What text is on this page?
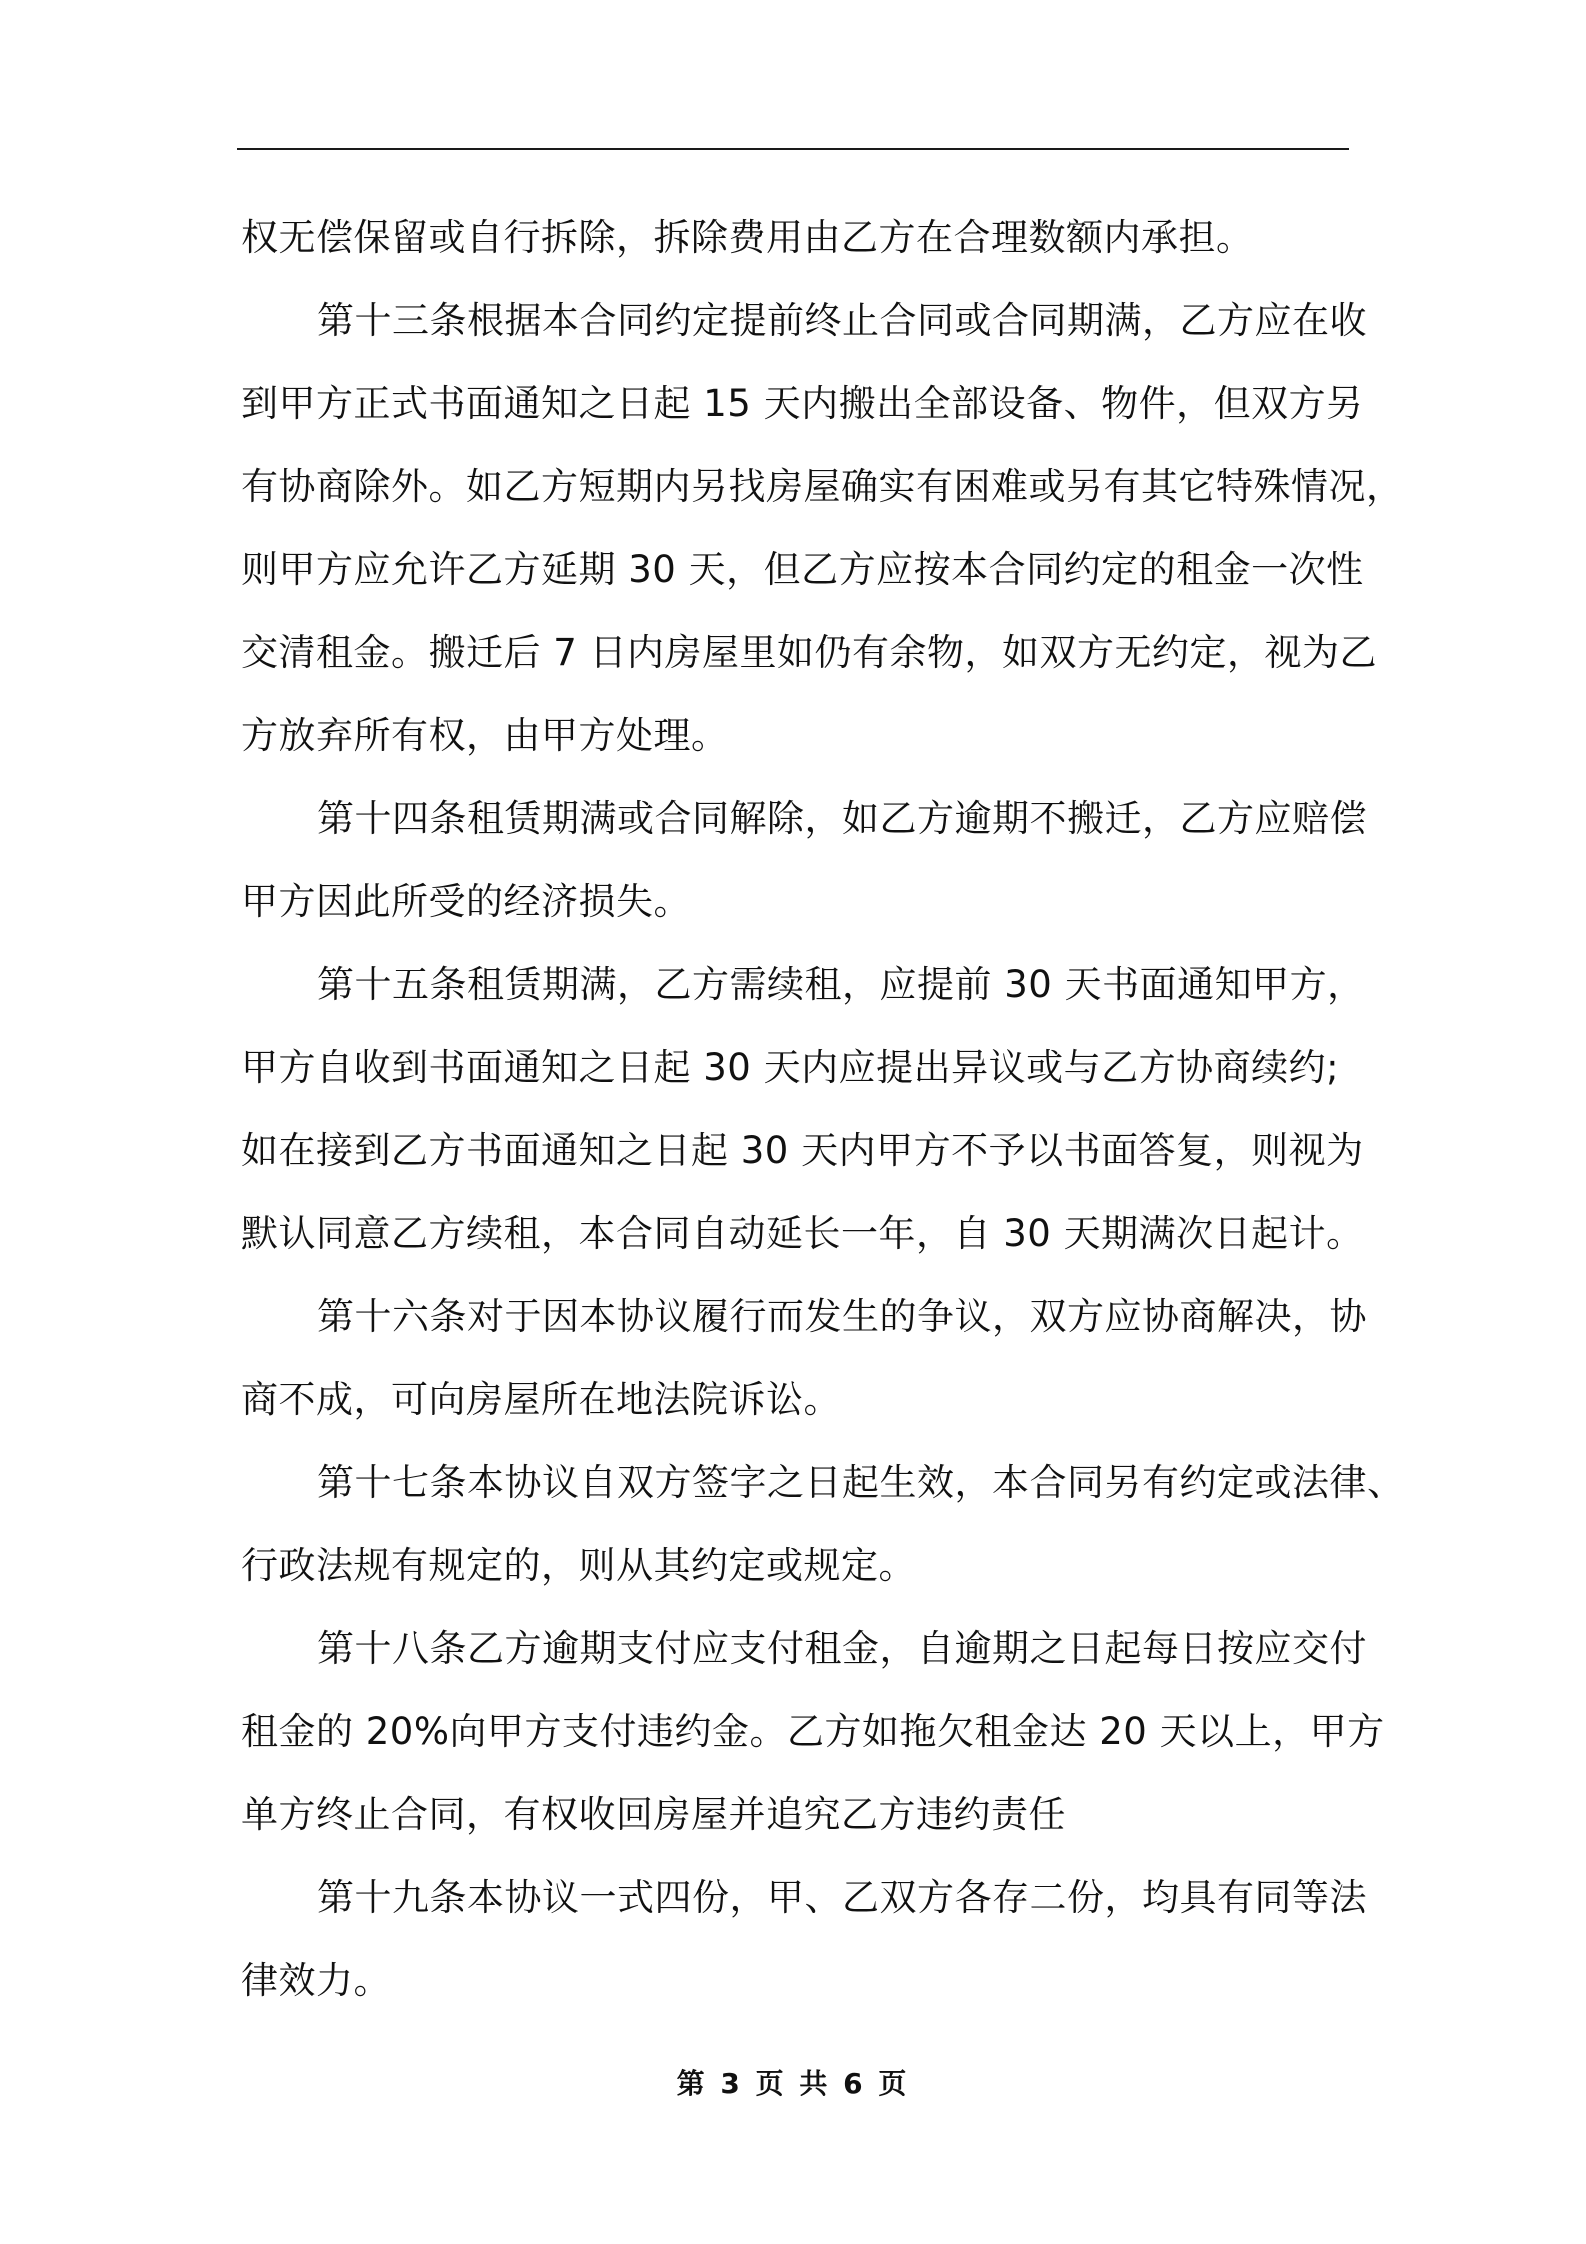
权无偿保留或自行拆除，拆除费用由乙方在合理数额内承担。
第十三条根据本合同约定提前终止合同或合同期满，乙方应在收
到甲方正式书面通知之日起 15 天内搬出全部设备、物件，但双方另
有协商除外。如乙方短期内另找房屋确实有困难或另有其它特殊情况，
则甲方应允许乙方延期 30 天，但乙方应按本合同约定的租金一次性
交清租金。搬迁后 7 日内房屋里如仍有余物，如双方无约定，视为乙
方放弃所有权，由甲方处理。
第十四条租赁期满或合同解除，如乙方逾期不搬迁，乙方应赔偿
甲方因此所受的经济损失。
第十五条租赁期满，乙方需续租，应提前 30 天书面通知甲方，
甲方自收到书面通知之日起 30 天内应提出异议或与乙方协商续约;
如在接到乙方书面通知之日起 30 天内甲方不予以书面答复，则视为
默认同意乙方续租，本合同自动延长一年，自 30 天期满次日起计。
第十六条对于因本协议履行而发生的争议，双方应协商解决，协
商不成，可向房屋所在地法院诉讼。
第十七条本协议自双方签字之日起生效，本合同另有约定或法律、
行政法规有规定的，则从其约定或规定。
第十八条乙方逾期支付应支付租金，自逾期之日起每日按应交付
租金的 20%向甲方支付违约金。乙方如拖欠租金达 20 天以上，甲方
单方终止合同，有权收回房屋并追究乙方违约责任
第十九条本协议一式四份，甲、乙双方各存二份，均具有同等法
律效力。
第 3 页 共 6 页
